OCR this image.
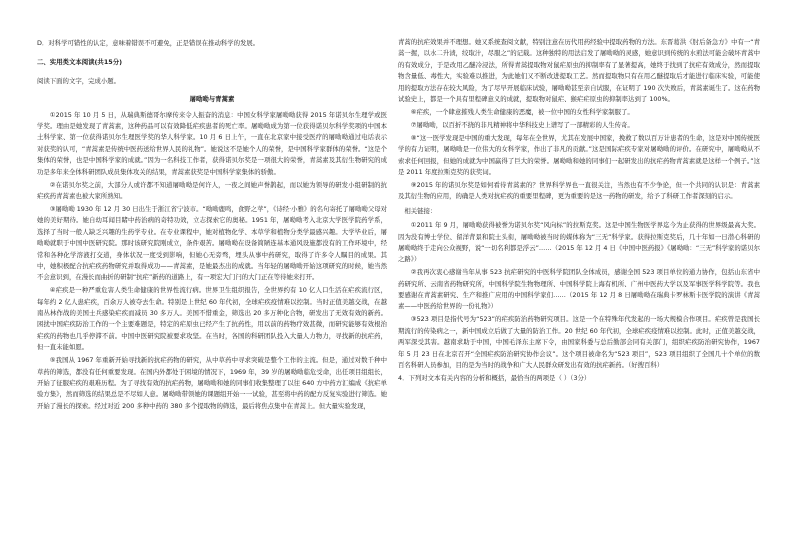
D．对科学可错性的认定，意味着错误不可避免，正是错误在推动科学的发展。

二、实用类文本阅读(共15分)

阅读下面的文字，完成小题。

屠呦呦与青蒿素

①2015 年 10 月 5 日，从瑞典斯德哥尔摩传来令人振奋的消息：中国女科学家屠呦呦获得 2015 年诺贝尔生理学或医学奖。理由是她发现了青蒿素，这种药品可以有效降低疟疾患者的死亡率。屠呦呦成为第一位获得诺贝尔科学奖项的中国本土科学家、第一位获得诺贝尔生理医学奖的华人科学家。10 月 6 日上午，一直在北京家中接受医疗的屠呦呦通过电话表示对获奖的认可，“青蒿素是传统中医药送给世界人民的礼物”。她说这不是她个人的荣誉，是中国科学家群体的荣誉。“这是个集体的荣誉，也是中国科学家的成就。”因为一名科技工作者，获得诺贝尔奖是一项很大的荣誉，青蒿素及其衍生物研究的成功是多年来全体科研团队成员集体攻关的结果，青蒿素获奖是中国科学家集体的骄傲。

②在诺贝尔奖之前，大部分人或许都不知道屠呦呦是何许人，一夜之间她声誉鹊起，而以她为领导的研发小组研制的抗疟疾药青蒿素也被大家所熟知。

③屠呦呦 1930 年 12 月 30 日出生于浙江省宁波市。“呦呦鹿鸣，食野之苹”，《诗经·小雅》的名句寄托了屠呦呦父母对她的美好期待。她自幼耳闻目睹中药治病的奇特功效，立志探索它的奥秘。1951 年，屠呦呦考入北京大学医学院药学系，选择了当时一般人缺乏兴趣的生药学专业。在专业课程中，她对植物化学、本草学和植物分类学最感兴趣。大学毕业后，屠呦呦就职于中国中医研究院。那时该研究院刚成立，条件艰苦。屠呦呦在设备简陋连基本通风设施都没有的工作环境中，经常和各种化学溶液打交道，身体状况一度受到影响，但她心无旁骛，埋头从事中药研究，取得了许多令人瞩目的成果。其中，她积极配合抗疟疾药物研究并取得成功——青蒿素，是她最杰出的成就。当年轻的屠呦呦开始这项研究的时候，她当然不会意识到，在漫长而曲折的研制“抗疟”新药的道路上，有一项宏大门闩的大门正在等待她来打开。

④疟疾是一种严重危害人类生命健康的世界性流行病。世界卫生组织报告，全世界约有 10 亿人口生活在疟疾流行区，每年约 2 亿人患疟疾，百余万人被夺去生命。特别是上世纪 60 年代初，全球疟疾疫情难以控制。当时正值美越交战，在越南丛林作战的美国士兵感染疟疾而减员 30 多万人。美国不惜重金，筛选出 20 多万种化合物，研发出了无效有效的新药。困扰中国疟疾防治工作的一个主要难题是，特定的疟原虫已经产生了抗药性，用以前的药物疗效甚微，而研究能够有效根治疟疾的药物也几乎停滞不前。中国中医研究院被要求攻坚。在当时，各国的科研团队投入大量人力物力，寻找新的抗疟药，但一直未能如愿。

⑤我国从 1967 年重新开始寻找新的抗疟药物的研究，从中草药中寻求突破是整个工作的主流。但是，通过对数千种中草药的筛选，都没有任何重要发现。在国内外都处于困境的情况下，1969 年，39 岁的屠呦呦临危受命，出任项目组组长，开始了征服疟疾的艰难历程。为了寻找有效的抗疟药物，屠呦呦和她的同事们收集整理了以往 640 方中药方汇编成《抗疟单验方集》，然而筛选的结果总是不尽如人意。屠呦呦带领她的课题组开始一一试验，甚至将中药的配方反复实验进行筛选。她开始了漫长的探索。经过对近 200 多种中药的 380 多个提取物的筛选，最后将焦点集中在青蒿上。但大量实验发现，

青蒿的抗疟效果并不理想。她又系统查阅文献，特别注意在历代用药经验中提取药物的方法。东晋葛洪《肘后备急方》中有一“青蒿一握，以水二升渍，绞取汁，尽服之”的记载。这种独特的用法启发了屠呦呦的灵感，她意识到传统的水煎法可能会破坏青蒿中的有效成分，于是改用乙醚冷浸法，所得青蒿提取物对鼠疟原虫的抑制率有了显著提高，她终于找到了抗疟有效成分，然而提取物含量低、毒性大，实验难以推进，为此她们又不断改进提取工艺。然而提取物只有在用乙醚提取后才能进行临床实验，可能使用的提取方法存在较大风险，为了尽早开展临床试验，屠呦呦甚至亲自试服，在证明了 190 次失败后，青蒿素诞生了。这在药物试验史上，都是一个具有里程碑意义的成就，提取物对鼠疟、猴疟疟原虫的抑制率达到了 100%。

⑥疟疾，一个肆意摧残人类生命健康的恶魔，被一位中国的女性科学家制服了。

⑦屠呦呦，以百折不挠的非凡精神将中华科技史上谱写了一部精彩的人生传奇。

⑧“这一医学发现是中国的重大发现，每年在全世界，尤其在发展中国家，挽救了数以百万计患者的生命，这是对中国传统医学的有力证明，屠呦呦是一位伟大的女科学家，作出了非凡的贡献。”这是国际疟疾专家对屠呦呦的评价。在研究中，屠呦呦从不索求任何回报，但她的成就为中国赢得了巨大的荣誉。屠呦呦和她的同事们一起研发出的抗疟药物青蒿素就是这样一个例子。”这是 2011 年度拉斯克奖的获奖词。

⑨2015 年的诺贝尔奖是如何看待青蒿素的？世界科学界也一直很关注，当然也有不少争论，但一个共同的认识是：青蒿素及其衍生物的应用，的确是人类对抗疟疾的重要里程碑，更为重要的是这一药物的研发，给予了科研工作者深刻的启示。

相关链接：

①2011 年 9 月，屠呦呦获得被誉为诺贝尔奖“风向标”的拉斯克奖。这是中国生物医学界迄今为止获得的世界级最高大奖。因为没有博士学位、留洋背景和院士头衔，屠呦呦被当时的媒体称为“三无”科学家。获得拉斯克奖后，几十年如一日潜心科研的屠呦呦终于走向公众视野，说“一切名利都是浮云”……（2015 年 12 月 4 日《中国中医药报》《屠呦呦：“三无”科学家的诺贝尔之路》）

②我再次衷心感谢当年从事 523 抗疟研究的中医科学院团队全体成员，感谢全国 523 项目单位的通力协作，包括山东省中药研究所、云南省药物研究所，中国科学院生物物理所、中国科学院上海有机所、广州中医药大学以及军事医学科学院等。我也要感谢在青蒿素研究、生产和推广应用的中国科学家们……（2015 年 12 月 8 日屠呦呦在瑞典卡罗林斯卡医学院的演讲《青蒿素——中医药给世界的一份礼物》）

③523 项目是指代号为“523”的疟疾防治药物研究项目。这是一个在特殊年代发起的一场大规模合作项目。疟疾曾是我国长期流行的传染病之一，新中国成立后做了大量的防治工作。20 世纪 60 年代初，全球疟疾疫情难以控制。此时，正值美越交战，两军深受其害。越南求助于中国，中国毛泽东主席下令，由国家科委与总后勤部会同有关部门，组织疟疾防治研究协作，1967 年 5 月 23 日在北京召开“全国疟疾防治研究协作会议”。这个项目被命名为“523 项目”，523 项目组织了全国几十个单位的数百名科研人员参加，目的是为当时的战争和广大人民群众研发出有效的抗疟新药。（好搜百科）

4．下列对文本有关内容的分析和概括，最恰当的两项是（ ）（3分）
